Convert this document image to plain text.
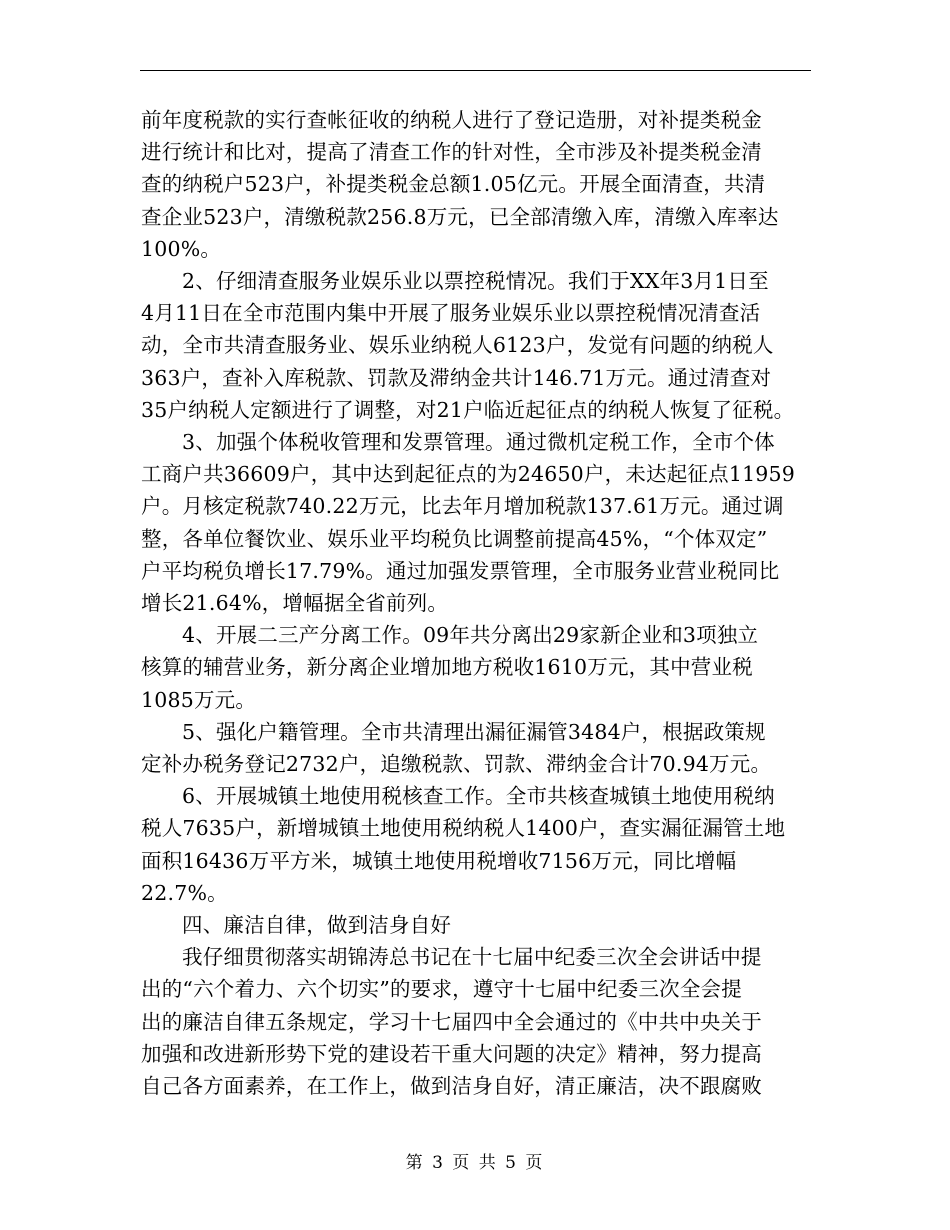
前年度税款的实行查帐征收的纳税人进行了登记造册，对补提类税金
进行统计和比对，提高了清查工作的针对性，全市涉及补提类税金清
查的纳税户523户，补提类税金总额1.05亿元。开展全面清查，共清
查企业523户，清缴税款256.8万元，已全部清缴入库，清缴入库率达
100%。

2、仔细清查服务业娱乐业以票控税情况。我们于XX年3月1日至
4月11日在全市范围内集中开展了服务业娱乐业以票控税情况清查活
动，全市共清查服务业、娱乐业纳税人6123户，发觉有问题的纳税人
363户，查补入库税款、罚款及滞纳金共计146.71万元。通过清查对
35户纳税人定额进行了调整，对21户临近起征点的纳税人恢复了征税。

3、加强个体税收管理和发票管理。通过微机定税工作，全市个体
工商户共36609户，其中达到起征点的为24650户，未达起征点11959
户。月核定税款740.22万元，比去年月增加税款137.61万元。通过调
整，各单位餐饮业、娱乐业平均税负比调整前提高45%，“个体双定”
户平均税负增长17.79%。通过加强发票管理，全市服务业营业税同比
增长21.64%，增幅据全省前列。

4、开展二三产分离工作。09年共分离出29家新企业和3项独立
核算的辅营业务，新分离企业增加地方税收1610万元，其中营业税
1085万元。

5、强化户籍管理。全市共清理出漏征漏管3484户，根据政策规
定补办税务登记2732户，追缴税款、罚款、滞纳金合计70.94万元。

6、开展城镇土地使用税核查工作。全市共核查城镇土地使用税纳
税人7635户，新增城镇土地使用税纳税人1400户，查实漏征漏管土地
面积16436万平方米，城镇土地使用税增收7156万元，同比增幅
22.7%。

四、廉洁自律，做到洁身自好

我仔细贯彻落实胡锦涛总书记在十七届中纪委三次全会讲话中提
出的“六个着力、六个切实”的要求，遵守十七届中纪委三次全会提
出的廉洁自律五条规定，学习十七届四中全会通过的《中共中央关于
加强和改进新形势下党的建设若干重大问题的决定》精神，努力提高
自己各方面素养，在工作上，做到洁身自好，清正廉洁，决不跟腐败

第 3 页 共 5 页
